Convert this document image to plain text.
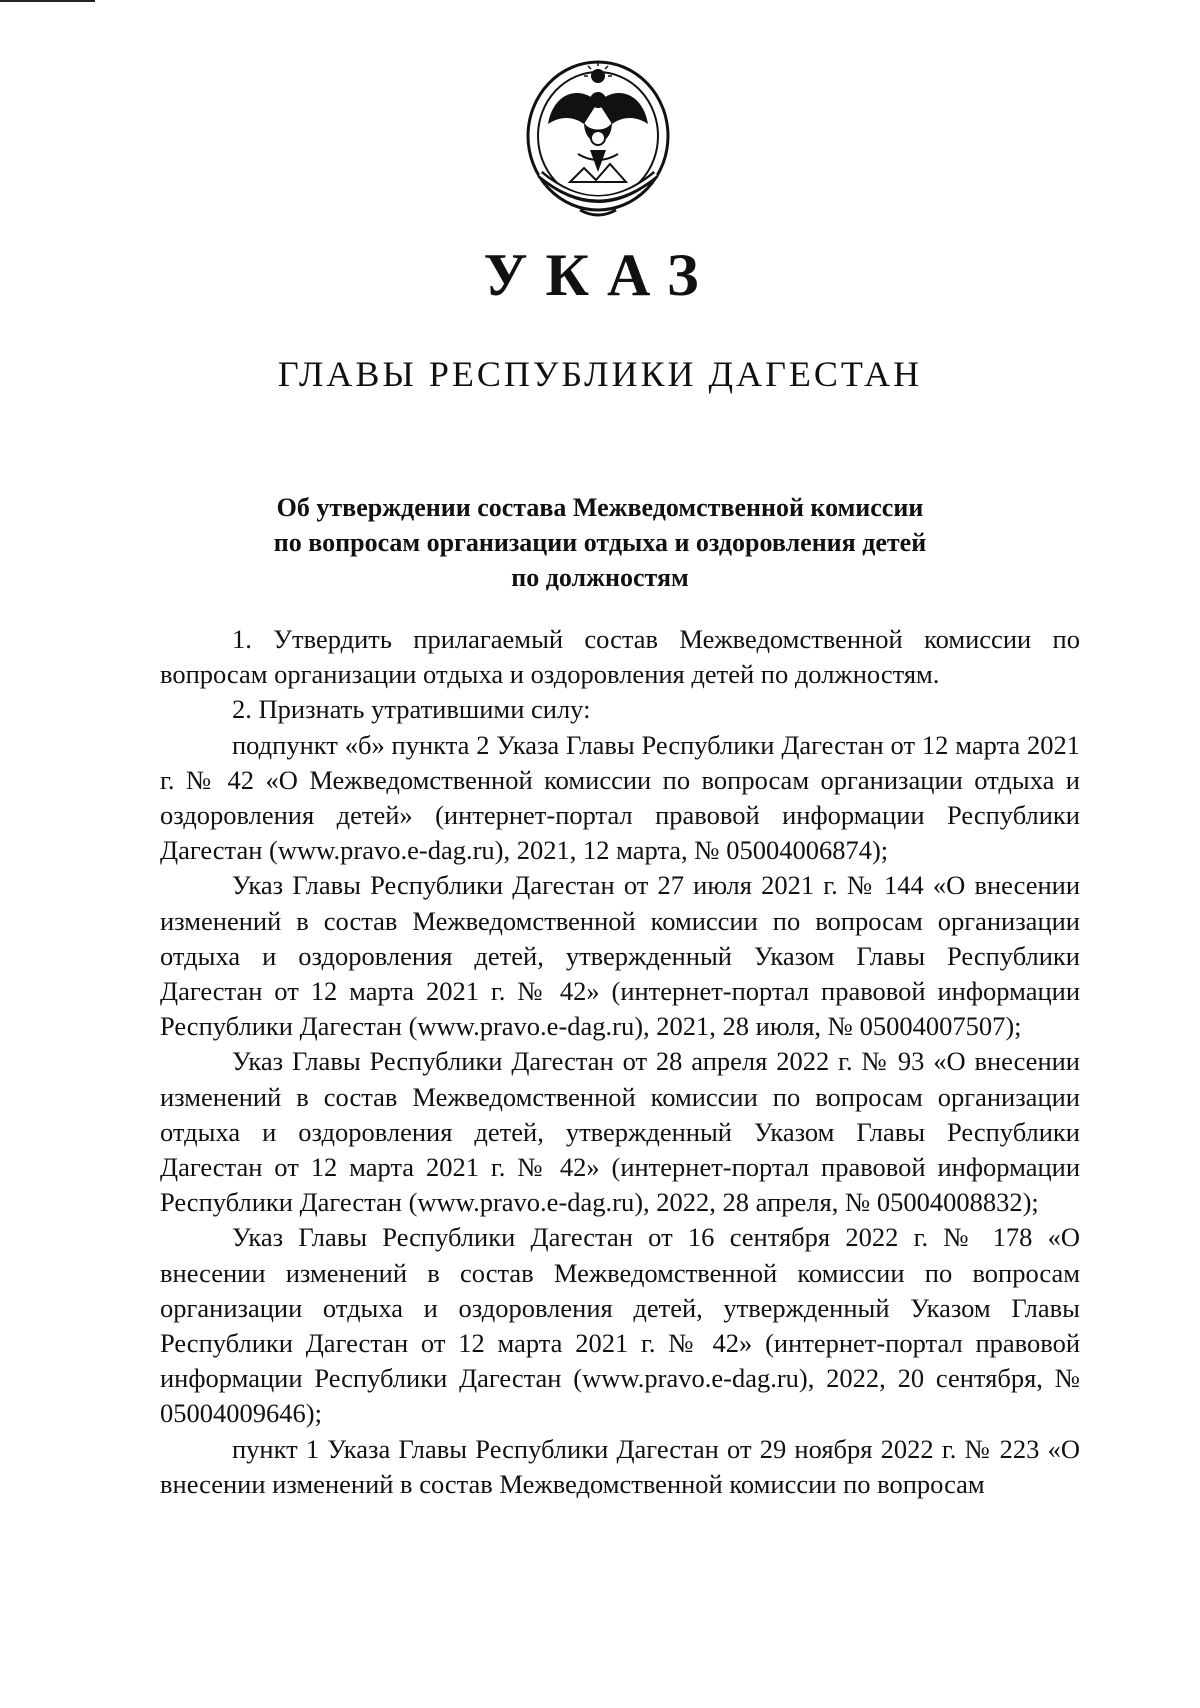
УКАЗ
ГЛАВЫ РЕСПУБЛИКИ ДАГЕСТАН
Об утверждении состава Межведомственной комиссии
по вопросам организации отдыха и оздоровления детей
по должностям

1. Утвердить прилагаемый состав Межведомственной комиссии по вопросам организации отдыха и оздоровления детей по должностям.

2. Признать утратившими силу:

подпункт «б» пункта 2 Указа Главы Республики Дагестан от 12 марта 2021 г. № 42 «О Межведомственной комиссии по вопросам организации отдыха и оздоровления детей» (интернет-портал правовой информации Республики Дагестан (www.pravo.e-dag.ru), 2021, 12 марта, № 05004006874);

Указ Главы Республики Дагестан от 27 июля 2021 г. № 144 «О внесении изменений в состав Межведомственной комиссии по вопросам организации отдыха и оздоровления детей, утвержденный Указом Главы Республики Дагестан от 12 марта 2021 г. № 42» (интернет-портал правовой информации Республики Дагестан (www.pravo.e-dag.ru), 2021, 28 июля, № 05004007507);

Указ Главы Республики Дагестан от 28 апреля 2022 г. № 93 «О внесении изменений в состав Межведомственной комиссии по вопросам организации отдыха и оздоровления детей, утвержденный Указом Главы Республики Дагестан от 12 марта 2021 г. № 42» (интернет-портал правовой информации Республики Дагестан (www.pravo.e-dag.ru), 2022, 28 апреля, № 05004008832);

Указ Главы Республики Дагестан от 16 сентября 2022 г. № 178 «О внесении изменений в состав Межведомственной комиссии по вопросам организации отдыха и оздоровления детей, утвержденный Указом Главы Республики Дагестан от 12 марта 2021 г. № 42» (интернет-портал правовой информации Республики Дагестан (www.pravo.e-dag.ru), 2022, 20 сентября, № 05004009646);

пункт 1 Указа Главы Республики Дагестан от 29 ноября 2022 г. № 223 «О внесении изменений в состав Межведомственной комиссии по вопросам
